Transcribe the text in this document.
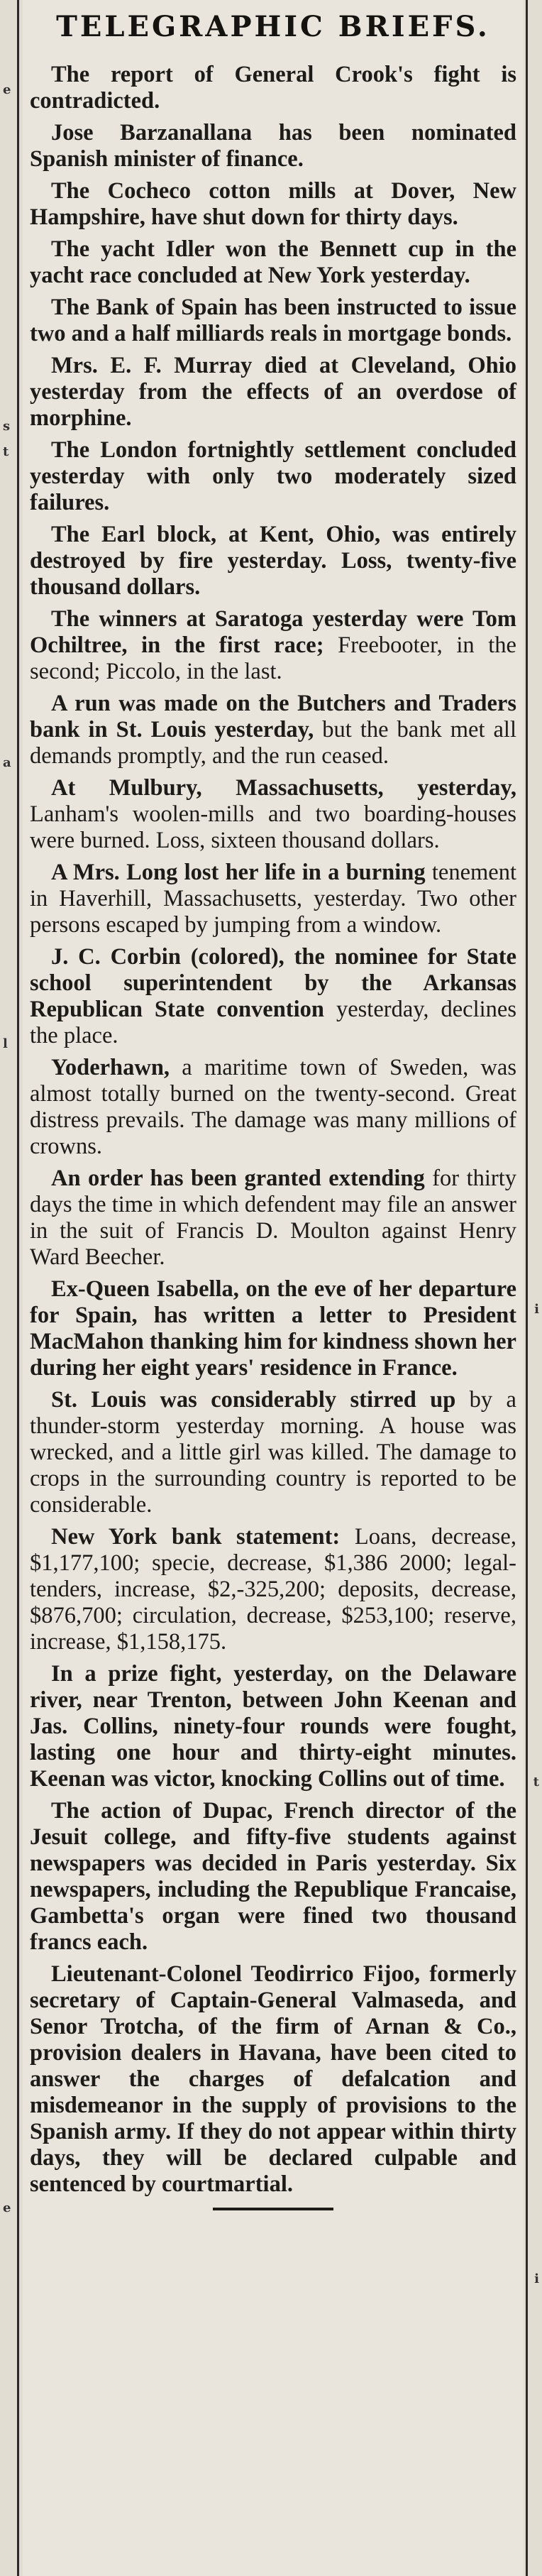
e
s
t
a
l
e
i
t
i
TELEGRAPHIC BRIEFS.

The report of General Crook's fight is contradicted.

Jose Barzanallana has been nominated Spanish minister of finance.

The Cocheco cotton mills at Dover, New Hampshire, have shut down for thirty days.

The yacht Idler won the Bennett cup in the yacht race concluded at New York yesterday.

The Bank of Spain has been instructed to issue two and a half milliards reals in mortgage bonds.

Mrs. E. F. Murray died at Cleveland, Ohio yesterday from the effects of an overdose of morphine.

The London fortnightly settlement concluded yesterday with only two moderately sized failures.

The Earl block, at Kent, Ohio, was entirely destroyed by fire yesterday. Loss, twenty-five thousand dollars.

The winners at Saratoga yesterday were Tom Ochiltree, in the first race; Freebooter, in the second; Piccolo, in the last.

A run was made on the Butchers and Traders bank in St. Louis yesterday, but the bank met all demands promptly, and the run ceased.

At Mulbury, Massachusetts, yesterday, Lanham's woolen-mills and two boarding-houses were burned. Loss, sixteen thousand dollars.

A Mrs. Long lost her life in a burning tenement in Haverhill, Massachusetts, yesterday. Two other persons escaped by jumping from a window.

J. C. Corbin (colored), the nominee for State school superintendent by the Arkansas Republican State convention yesterday, declines the place.

Yoderhawn, a maritime town of Sweden, was almost totally burned on the twenty-second. Great distress prevails. The damage was many millions of crowns.

An order has been granted extending for thirty days the time in which defendent may file an answer in the suit of Francis D. Moulton against Henry Ward Beecher.

Ex-Queen Isabella, on the eve of her departure for Spain, has written a letter to President MacMahon thanking him for kindness shown her during her eight years' residence in France.

St. Louis was considerably stirred up by a thunder-storm yesterday morning. A house was wrecked, and a little girl was killed. The damage to crops in the surrounding country is reported to be considerable.

New York bank statement: Loans, decrease, $1,177,100; specie, decrease, $1,386 2000; legal-tenders, increase, $2,-325,200; deposits, decrease, $876,700; circulation, decrease, $253,100; reserve, increase, $1,158,175.

In a prize fight, yesterday, on the Delaware river, near Trenton, between John Keenan and Jas. Collins, ninety-four rounds were fought, lasting one hour and thirty-eight minutes. Keenan was victor, knocking Collins out of time.

The action of Dupac, French director of the Jesuit college, and fifty-five students against newspapers was decided in Paris yesterday. Six newspapers, including the Republique Francaise, Gambetta's organ were fined two thousand francs each.

Lieutenant-Colonel Teodirrico Fijoo, formerly secretary of Captain-General Valmaseda, and Senor Trotcha, of the firm of Arnan & Co., provision dealers in Havana, have been cited to answer the charges of defalcation and misdemeanor in the supply of provisions to the Spanish army. If they do not appear within thirty days, they will be declared culpable and sentenced by courtmartial.
